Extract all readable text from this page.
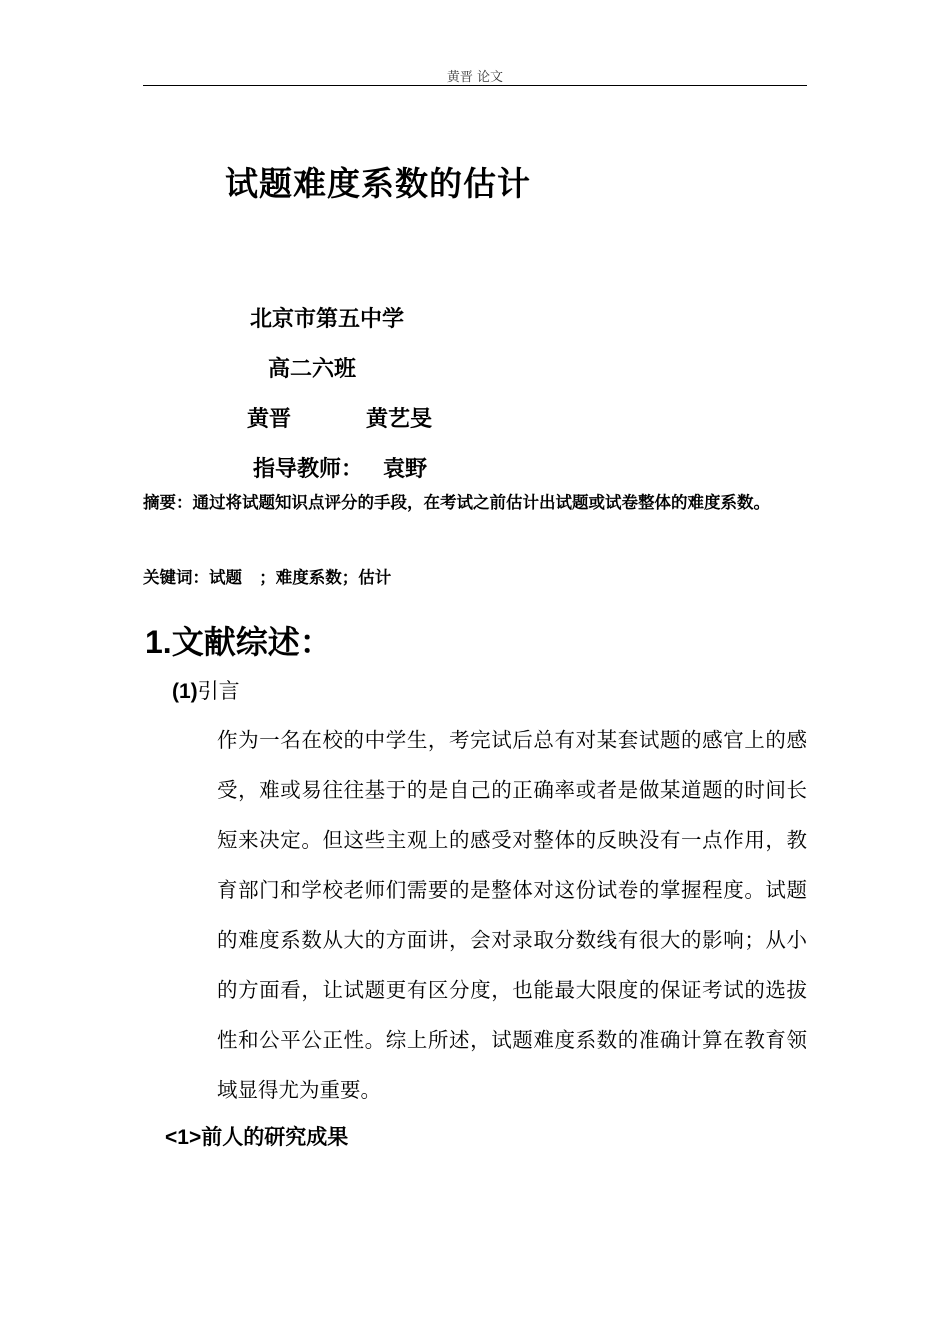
黄晋 论文
试题难度系数的估计
北京市第五中学
高二六班
黄晋	黄艺旻
指导教师： 袁野
摘要：通过将试题知识点评分的手段，在考试之前估计出试题或试卷整体的难度系数。
关键词：试题   ；难度系数；估计
1.文献综述：
(1)引言
作为一名在校的中学生，考完试后总有对某套试题的感官上的感受，难或易往往基于的是自己的正确率或者是做某道题的时间长短来决定。但这些主观上的感受对整体的反映没有一点作用，教育部门和学校老师们需要的是整体对这份试卷的掌握程度。试题的难度系数从大的方面讲，会对录取分数线有很大的影响；从小的方面看，让试题更有区分度，也能最大限度的保证考试的选拔性和公平公正性。综上所述，试题难度系数的准确计算在教育领域显得尤为重要。
<1>前人的研究成果
